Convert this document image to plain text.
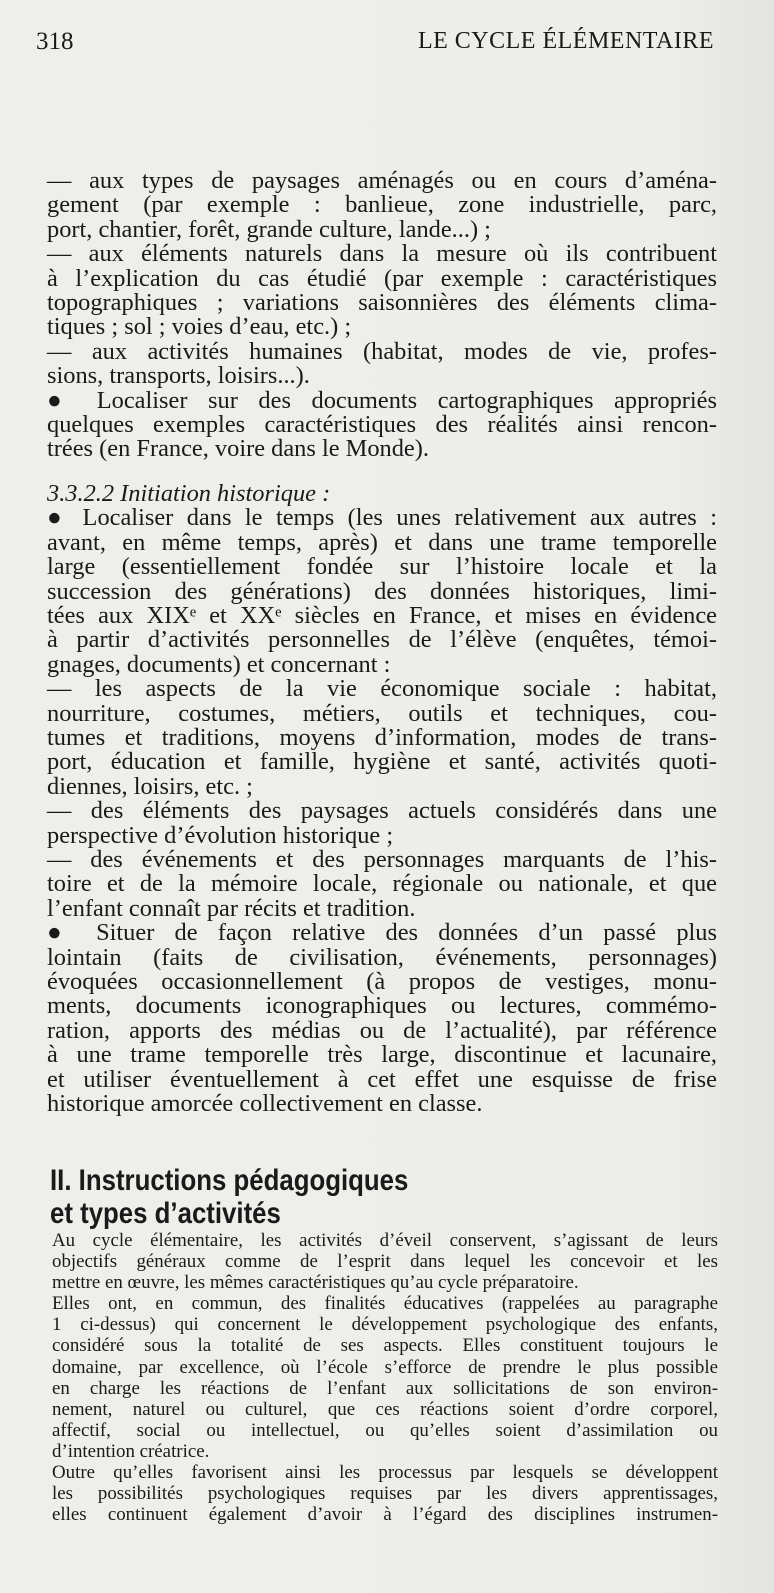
318	LE CYCLE ÉLÉMENTAIRE
— aux types de paysages aménagés ou en cours d’aména-
gement (par exemple : banlieue, zone industrielle, parc,
port, chantier, forêt, grande culture, lande...) ;
— aux éléments naturels dans la mesure où ils contribuent
à l’explication du cas étudié (par exemple : caractéristiques
topographiques ; variations saisonnières des éléments clima-
tiques ; sol ; voies d’eau, etc.) ;
— aux activités humaines (habitat, modes de vie, profes-
sions, transports, loisirs...).
● Localiser sur des documents cartographiques appropriés
quelques exemples caractéristiques des réalités ainsi rencon-
trées (en France, voire dans le Monde).
3.3.2.2 Initiation historique :
● Localiser dans le temps (les unes relativement aux autres :
avant, en même temps, après) et dans une trame temporelle
large (essentiellement fondée sur l’histoire locale et la
succession des générations) des données historiques, limi-
tées aux XIXᵉ et XXᵉ siècles en France, et mises en évidence
à partir d’activités personnelles de l’élève (enquêtes, témoi-
gnages, documents) et concernant :
— les aspects de la vie économique sociale : habitat,
nourriture, costumes, métiers, outils et techniques, cou-
tumes et traditions, moyens d’information, modes de trans-
port, éducation et famille, hygiène et santé, activités quoti-
diennes, loisirs, etc. ;
— des éléments des paysages actuels considérés dans une
perspective d’évolution historique ;
— des événements et des personnages marquants de l’his-
toire et de la mémoire locale, régionale ou nationale, et que
l’enfant connaît par récits et tradition.
● Situer de façon relative des données d’un passé plus
lointain (faits de civilisation, événements, personnages)
évoquées occasionnellement (à propos de vestiges, monu-
ments, documents iconographiques ou lectures, commémo-
ration, apports des médias ou de l’actualité), par référence
à une trame temporelle très large, discontinue et lacunaire,
et utiliser éventuellement à cet effet une esquisse de frise
historique amorcée collectivement en classe.
II. Instructions pédagogiques
et types d’activités
Au cycle élémentaire, les activités d’éveil conservent, s’agissant de leurs
objectifs généraux comme de l’esprit dans lequel les concevoir et les
mettre en œuvre, les mêmes caractéristiques qu’au cycle préparatoire.
Elles ont, en commun, des finalités éducatives (rappelées au paragraphe
1 ci-dessus) qui concernent le développement psychologique des enfants,
considéré sous la totalité de ses aspects. Elles constituent toujours le
domaine, par excellence, où l’école s’efforce de prendre le plus possible
en charge les réactions de l’enfant aux sollicitations de son environ-
nement, naturel ou culturel, que ces réactions soient d’ordre corporel,
affectif, social ou intellectuel, ou qu’elles soient d’assimilation ou
d’intention créatrice.
Outre qu’elles favorisent ainsi les processus par lesquels se développent
les possibilités psychologiques requises par les divers apprentissages,
elles continuent également d’avoir à l’égard des disciplines instrumen-
